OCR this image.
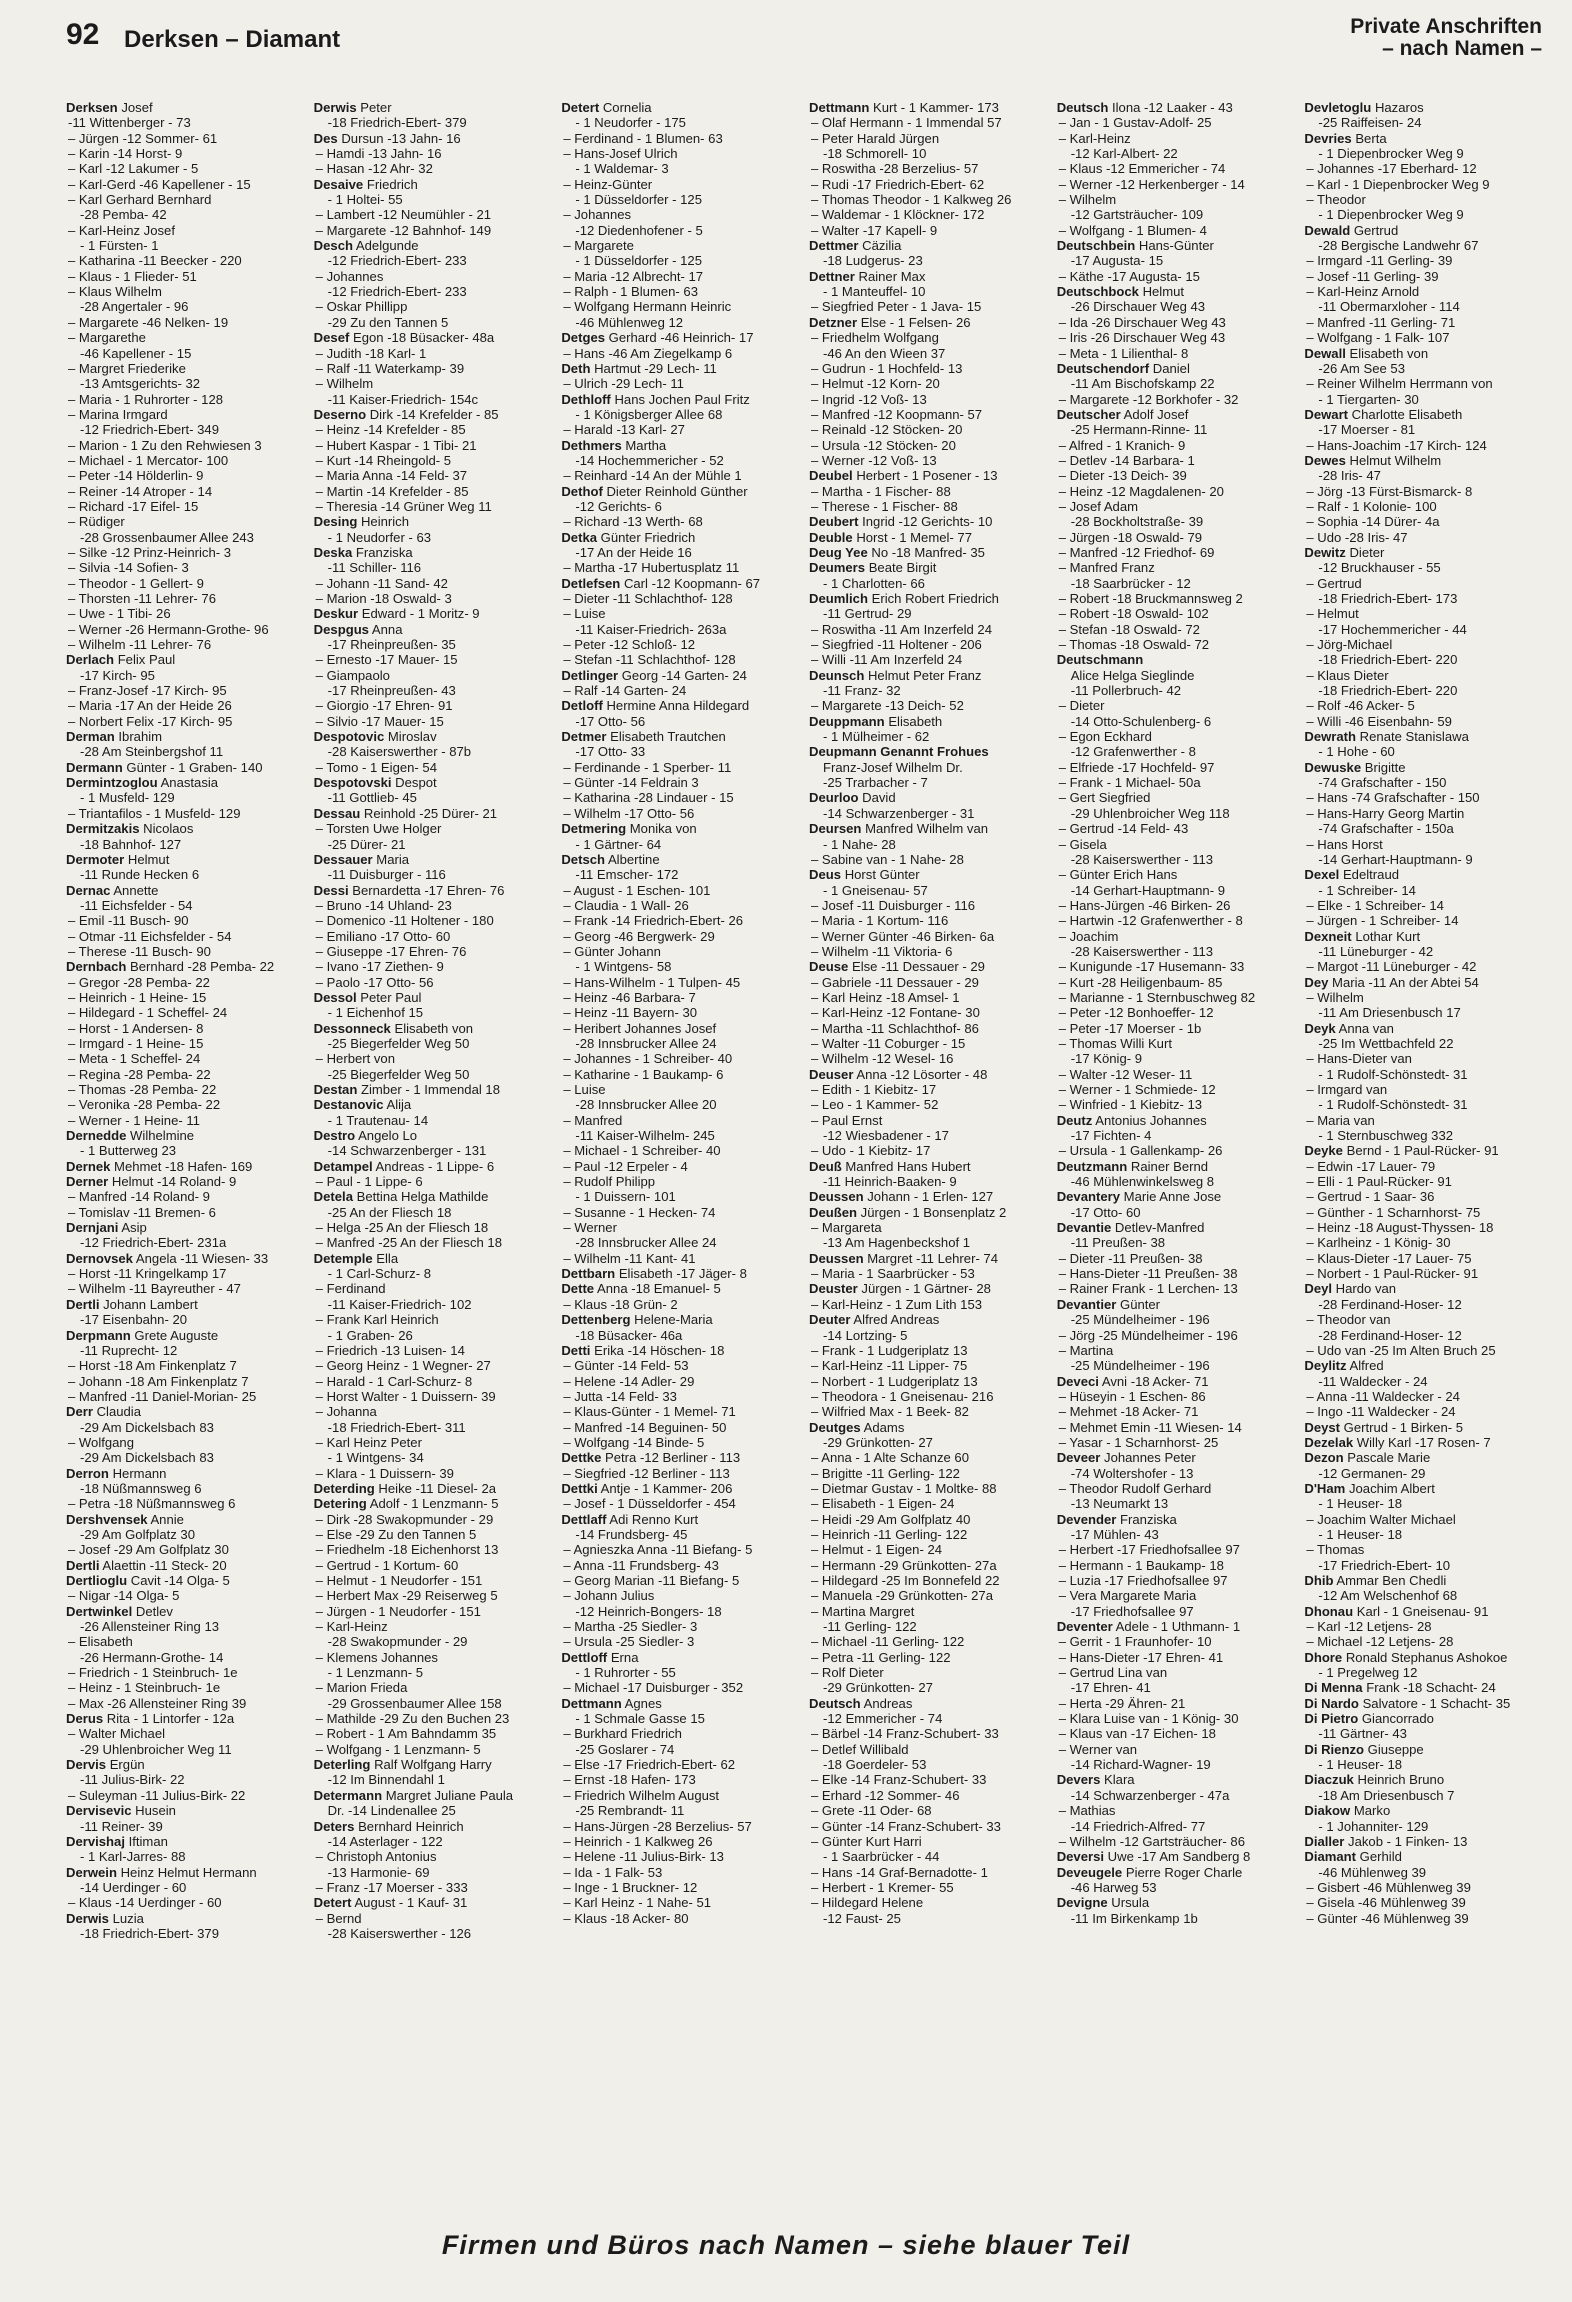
92 Derksen – Diamant	Private Anschriften
– nach Namen –
Derksen Josef
-11 Wittenberger - 73
– Jürgen -12 Sommer- 61
– Karin -14 Horst- 9
– Karl -12 Lakumer - 5
– Karl-Gerd -46 Kapellener - 15
– Karl Gerhard Bernhard
-28 Pemba- 42
– Karl-Heinz Josef
- 1 Fürsten- 1
– Katharina -11 Beecker - 220
– Klaus - 1 Flieder- 51
– Klaus Wilhelm
-28 Angertaler - 96
– Margarete -46 Nelken- 19
– Margarethe
-46 Kapellener - 15
– Margret Friederike
-13 Amtsgerichts- 32
– Maria - 1 Ruhrorter - 128
– Marina Irmgard
-12 Friedrich-Ebert- 349
– Marion - 1 Zu den Rehwiesen 3
– Michael - 1 Mercator- 100
– Peter -14 Hölderlin- 9
– Reiner -14 Atroper - 14
– Richard -17 Eifel- 15
– Rüdiger
-28 Grossenbaumer Allee 243
– Silke -12 Prinz-Heinrich- 3
– Silvia -14 Sofien- 3
– Theodor - 1 Gellert- 9
– Thorsten -11 Lehrer- 76
– Uwe - 1 Tibi- 26
– Werner -26 Hermann-Grothe- 96
– Wilhelm -11 Lehrer- 76
Derlach Felix Paul
-17 Kirch- 95
– Franz-Josef -17 Kirch- 95
– Maria -17 An der Heide 26
– Norbert Felix -17 Kirch- 95
Derman Ibrahim
-28 Am Steinbergshof 11
Dermann Günter - 1 Graben- 140
Dermintzoglou Anastasia
- 1 Musfeld- 129
– Triantafilos - 1 Musfeld- 129
Dermitzakis Nicolaos
-18 Bahnhof- 127
Dermoter Helmut
-11 Runde Hecken 6
Dernac Annette
-11 Eichsfelder - 54
– Emil -11 Busch- 90
– Otmar -11 Eichsfelder - 54
– Therese -11 Busch- 90
Dernbach Bernhard -28 Pemba- 22
– Gregor -28 Pemba- 22
– Heinrich - 1 Heine- 15
– Hildegard - 1 Scheffel- 24
– Horst - 1 Andersen- 8
– Irmgard - 1 Heine- 15
– Meta - 1 Scheffel- 24
– Regina -28 Pemba- 22
– Thomas -28 Pemba- 22
– Veronika -28 Pemba- 22
– Werner - 1 Heine- 11
Dernedde Wilhelmine
- 1 Butterweg 23
Dernek Mehmet -18 Hafen- 169
Derner Helmut -14 Roland- 9
– Manfred -14 Roland- 9
– Tomislav -11 Bremen- 6
Dernjani Asip
-12 Friedrich-Ebert- 231a
Dernovsek Angela -11 Wiesen- 33
– Horst -11 Kringelkamp 17
– Wilhelm -11 Bayreuther - 47
Dertli Johann Lambert
-17 Eisenbahn- 20
Derpmann Grete Auguste
-11 Ruprecht- 12
– Horst -18 Am Finkenplatz 7
– Johann -18 Am Finkenplatz 7
– Manfred -11 Daniel-Morian- 25
Derr Claudia
-29 Am Dickelsbach 83
– Wolfgang
-29 Am Dickelsbach 83
Derron Hermann
-18 Nüßmannsweg 6
– Petra -18 Nüßmannsweg 6
Dershvensek Annie
-29 Am Golfplatz 30
– Josef -29 Am Golfplatz 30
Dertli Alaettin -11 Steck- 20
Dertlioglu Cavit -14 Olga- 5
– Nigar -14 Olga- 5
Dertwinkel Detlev
-26 Allensteiner Ring 13
– Elisabeth
-26 Hermann-Grothe- 14
– Friedrich - 1 Steinbruch- 1e
– Heinz - 1 Steinbruch- 1e
– Max -26 Allensteiner Ring 39
Derus Rita - 1 Lintorfer - 12a
– Walter Michael
-29 Uhlenbroicher Weg 11
Dervis Ergün
-11 Julius-Birk- 22
– Suleyman -11 Julius-Birk- 22
Dervisevic Husein
-11 Reiner- 39
Dervishaj Iftiman
- 1 Karl-Jarres- 88
Derwein Heinz Helmut Hermann
-14 Uerdinger - 60
– Klaus -14 Uerdinger - 60
Derwis Luzia
-18 Friedrich-Ebert- 379
Derwis Peter
-18 Friedrich-Ebert- 379
Des Dursun -13 Jahn- 16
– Hamdi -13 Jahn- 16
– Hasan -12 Ahr- 32
Desaive Friedrich
- 1 Holtei- 55
– Lambert -12 Neumühler - 21
– Margarete -12 Bahnhof- 149
Desch Adelgunde
-12 Friedrich-Ebert- 233
– Johannes
-12 Friedrich-Ebert- 233
– Oskar Phillipp
-29 Zu den Tannen 5
Desef Egon -18 Büsacker- 48a
– Judith -18 Karl- 1
– Ralf -11 Waterkamp- 39
– Wilhelm
-11 Kaiser-Friedrich- 154c
Deserno Dirk -14 Krefelder - 85
– Heinz -14 Krefelder - 85
– Hubert Kaspar - 1 Tibi- 21
– Kurt -14 Rheingold- 5
– Maria Anna -14 Feld- 37
– Martin -14 Krefelder - 85
– Theresia -14 Grüner Weg 11
Desing Heinrich
- 1 Neudorfer - 63
Deska Franziska
-11 Schiller- 116
– Johann -11 Sand- 42
– Marion -18 Oswald- 3
Deskur Edward - 1 Moritz- 9
Despgus Anna
-17 Rheinpreußen- 35
– Ernesto -17 Mauer- 15
– Giampaolo
-17 Rheinpreußen- 43
– Giorgio -17 Ehren- 91
– Silvio -17 Mauer- 15
Despotovic Miroslav
-28 Kaiserswerther - 87b
– Tomo - 1 Eigen- 54
Despotovski Despot
-11 Gottlieb- 45
Dessau Reinhold -25 Dürer- 21
– Torsten Uwe Holger
-25 Dürer- 21
Dessauer Maria
-11 Duisburger - 116
Dessi Bernardetta -17 Ehren- 76
– Bruno -14 Uhland- 23
– Domenico -11 Holtener - 180
– Emiliano -17 Otto- 60
– Giuseppe -17 Ehren- 76
– Ivano -17 Ziethen- 9
– Paolo -17 Otto- 56
Dessol Peter Paul
- 1 Eichenhof 15
Dessonneck Elisabeth von
-25 Biegerfelder Weg 50
– Herbert von
-25 Biegerfelder Weg 50
Destan Zimber - 1 Immendal 18
Destanovic Alija
- 1 Trautenau- 14
Destro Angelo Lo
-14 Schwarzenberger - 131
Detampel Andreas - 1 Lippe- 6
– Paul - 1 Lippe- 6
Detela Bettina Helga Mathilde
-25 An der Fliesch 18
– Helga -25 An der Fliesch 18
– Manfred -25 An der Fliesch 18
Detemple Ella
- 1 Carl-Schurz- 8
– Ferdinand
-11 Kaiser-Friedrich- 102
– Frank Karl Heinrich
- 1 Graben- 26
– Friedrich -13 Luisen- 14
– Georg Heinz - 1 Wegner- 27
– Harald - 1 Carl-Schurz- 8
– Horst Walter - 1 Duissern- 39
– Johanna
-18 Friedrich-Ebert- 311
– Karl Heinz Peter
- 1 Wintgens- 34
– Klara - 1 Duissern- 39
Deterding Heike -11 Diesel- 2a
Detering Adolf - 1 Lenzmann- 5
– Dirk -28 Swakopmunder - 29
– Else -29 Zu den Tannen 5
– Friedhelm -18 Eichenhorst 13
– Gertrud - 1 Kortum- 60
– Helmut - 1 Neudorfer - 151
– Herbert Max -29 Reiserweg 5
– Jürgen - 1 Neudorfer - 151
– Karl-Heinz
-28 Swakopmunder - 29
– Klemens Johannes
- 1 Lenzmann- 5
– Marion Frieda
-29 Grossenbaumer Allee 158
– Mathilde -29 Zu den Buchen 23
– Robert - 1 Am Bahndamm 35
– Wolfgang - 1 Lenzmann- 5
Deterling Ralf Wolfgang Harry
-12 Im Binnendahl 1
Determann Margret Juliane Paula
Dr. -14 Lindenallee 25
Deters Bernhard Heinrich
-14 Asterlager - 122
– Christoph Antonius
-13 Harmonie- 69
– Franz -17 Moerser - 333
Detert August - 1 Kauf- 31
– Bernd
-28 Kaiserswerther - 126
Detert Cornelia
- 1 Neudorfer - 175
– Ferdinand - 1 Blumen- 63
– Hans-Josef Ulrich
- 1 Waldemar- 3
– Heinz-Günter
- 1 Düsseldorfer - 125
– Johannes
-12 Diedenhofener - 5
– Margarete
- 1 Düsseldorfer - 125
– Maria -12 Albrecht- 17
– Ralph - 1 Blumen- 63
– Wolfgang Hermann Heinric
-46 Mühlenweg 12
Detges Gerhard -46 Heinrich- 17
– Hans -46 Am Ziegelkamp 6
Deth Hartmut -29 Lech- 11
– Ulrich -29 Lech- 11
Dethloff Hans Jochen Paul Fritz
- 1 Königsberger Allee 68
– Harald -13 Karl- 27
Dethmers Martha
-14 Hochemmericher - 52
– Reinhard -14 An der Mühle 1
Dethof Dieter Reinhold Günther
-12 Gerichts- 6
– Richard -13 Werth- 68
Detka Günter Friedrich
-17 An der Heide 16
– Martha -17 Hubertusplatz 11
Detlefsen Carl -12 Koopmann- 67
– Dieter -11 Schlachthof- 128
– Luise
-11 Kaiser-Friedrich- 263a
– Peter -12 Schloß- 12
– Stefan -11 Schlachthof- 128
Detlinger Georg -14 Garten- 24
– Ralf -14 Garten- 24
Detloff Hermine Anna Hildegard
-17 Otto- 56
Detmer Elisabeth Trautchen
-17 Otto- 33
– Ferdinande - 1 Sperber- 11
– Günter -14 Feldrain 3
– Katharina -28 Lindauer - 15
– Wilhelm -17 Otto- 56
Detmering Monika von
- 1 Gärtner- 64
Detsch Albertine
-11 Emscher- 172
– August - 1 Eschen- 101
– Claudia - 1 Wall- 26
– Frank -14 Friedrich-Ebert- 26
– Georg -46 Bergwerk- 29
– Günter Johann
- 1 Wintgens- 58
– Hans-Wilhelm - 1 Tulpen- 45
– Heinz -46 Barbara- 7
– Heinz -11 Bayern- 30
– Heribert Johannes Josef
-28 Innsbrucker Allee 24
– Johannes - 1 Schreiber- 40
– Katharine - 1 Baukamp- 6
– Luise
-28 Innsbrucker Allee 20
– Manfred
-11 Kaiser-Wilhelm- 245
– Michael - 1 Schreiber- 40
– Paul -12 Erpeler - 4
– Rudolf Philipp
- 1 Duissern- 101
– Susanne - 1 Hecken- 74
– Werner
-28 Innsbrucker Allee 24
– Wilhelm -11 Kant- 41
Dettbarn Elisabeth -17 Jäger- 8
Dette Anna -18 Emanuel- 5
– Klaus -18 Grün- 2
Dettenberg Helene-Maria
-18 Büsacker- 46a
Detti Erika -14 Höschen- 18
– Günter -14 Feld- 53
– Helene -14 Adler- 29
– Jutta -14 Feld- 33
– Klaus-Günter - 1 Memel- 71
– Manfred -14 Beguinen- 50
– Wolfgang -14 Binde- 5
Dettke Petra -12 Berliner - 113
– Siegfried -12 Berliner - 113
Dettki Antje - 1 Kammer- 206
– Josef - 1 Düsseldorfer - 454
Dettlaff Adi Renno Kurt
-14 Frundsberg- 45
– Agnieszka Anna -11 Biefang- 5
– Anna -11 Frundsberg- 43
– Georg Marian -11 Biefang- 5
– Johann Julius
-12 Heinrich-Bongers- 18
– Martha -25 Siedler- 3
– Ursula -25 Siedler- 3
Dettloff Erna
- 1 Ruhrorter - 55
– Michael -17 Duisburger - 352
Dettmann Agnes
- 1 Schmale Gasse 15
– Burkhard Friedrich
-25 Goslarer - 74
– Else -17 Friedrich-Ebert- 62
– Ernst -18 Hafen- 173
– Friedrich Wilhelm August
-25 Rembrandt- 11
– Hans-Jürgen -28 Berzelius- 57
– Heinrich - 1 Kalkweg 26
– Helene -11 Julius-Birk- 13
– Ida - 1 Falk- 53
– Inge - 1 Bruckner- 12
– Karl Heinz - 1 Nahe- 51
– Klaus -18 Acker- 80
Dettmann Kurt - 1 Kammer- 173
– Olaf Hermann - 1 Immendal 57
– Peter Harald Jürgen
-18 Schmorell- 10
– Roswitha -28 Berzelius- 57
– Rudi -17 Friedrich-Ebert- 62
– Thomas Theodor - 1 Kalkweg 26
– Waldemar - 1 Klöckner- 172
– Walter -17 Kapell- 9
Dettmer Cäzilia
-18 Ludgerus- 23
Dettner Rainer Max
- 1 Manteuffel- 10
– Siegfried Peter - 1 Java- 15
Detzner Else - 1 Felsen- 26
– Friedhelm Wolfgang
-46 An den Wieen 37
– Gudrun - 1 Hochfeld- 13
– Helmut -12 Korn- 20
– Ingrid -12 Voß- 13
– Manfred -12 Koopmann- 57
– Reinald -12 Stöcken- 20
– Ursula -12 Stöcken- 20
– Werner -12 Voß- 13
Deubel Herbert - 1 Posener - 13
– Martha - 1 Fischer- 88
– Therese - 1 Fischer- 88
Deubert Ingrid -12 Gerichts- 10
Deuble Horst - 1 Memel- 77
Deug Yee No -18 Manfred- 35
Deumers Beate Birgit
- 1 Charlotten- 66
Deumlich Erich Robert Friedrich
-11 Gertrud- 29
– Roswitha -11 Am Inzerfeld 24
– Siegfried -11 Holtener - 206
– Willi -11 Am Inzerfeld 24
Deunsch Helmut Peter Franz
-11 Franz- 32
– Margarete -13 Deich- 52
Deuppmann Elisabeth
- 1 Mülheimer - 62
Deupmann Genannt Frohues
Franz-Josef Wilhelm Dr.
-25 Trarbacher - 7
Deurloo David
-14 Schwarzenberger - 31
Deursen Manfred Wilhelm van
- 1 Nahe- 28
– Sabine van - 1 Nahe- 28
Deus Horst Günter
- 1 Gneisenau- 57
– Josef -11 Duisburger - 116
– Maria - 1 Kortum- 116
– Werner Günter -46 Birken- 6a
– Wilhelm -11 Viktoria- 6
Deuse Else -11 Dessauer - 29
– Gabriele -11 Dessauer - 29
– Karl Heinz -18 Amsel- 1
– Karl-Heinz -12 Fontane- 30
– Martha -11 Schlachthof- 86
– Walter -11 Coburger - 15
– Wilhelm -12 Wesel- 16
Deuser Anna -12 Lösorter - 48
– Edith - 1 Kiebitz- 17
– Leo - 1 Kammer- 52
– Paul Ernst
-12 Wiesbadener - 17
– Udo - 1 Kiebitz- 17
Deuß Manfred Hans Hubert
-11 Heinrich-Baaken- 9
Deussen Johann - 1 Erlen- 127
Deußen Jürgen - 1 Bonsenplatz 2
– Margareta
-13 Am Hagenbeckshof 1
Deussen Margret -11 Lehrer- 74
– Maria - 1 Saarbrücker - 53
Deuster Jürgen - 1 Gärtner- 28
– Karl-Heinz - 1 Zum Lith 153
Deuter Alfred Andreas
-14 Lortzing- 5
– Frank - 1 Ludgeriplatz 13
– Karl-Heinz -11 Lipper- 75
– Norbert - 1 Ludgeriplatz 13
– Theodora - 1 Gneisenau- 216
– Wilfried Max - 1 Beek- 82
Deutges Adams
-29 Grünkotten- 27
– Anna - 1 Alte Schanze 60
– Brigitte -11 Gerling- 122
– Dietmar Gustav - 1 Moltke- 88
– Elisabeth - 1 Eigen- 24
– Heidi -29 Am Golfplatz 40
– Heinrich -11 Gerling- 122
– Helmut - 1 Eigen- 24
– Hermann -29 Grünkotten- 27a
– Hildegard -25 Im Bonnefeld 22
– Manuela -29 Grünkotten- 27a
– Martina Margret
-11 Gerling- 122
– Michael -11 Gerling- 122
– Petra -11 Gerling- 122
– Rolf Dieter
-29 Grünkotten- 27
Deutsch Andreas
-12 Emmericher - 74
– Bärbel -14 Franz-Schubert- 33
– Detlef Willibald
-18 Goerdeler- 53
– Elke -14 Franz-Schubert- 33
– Erhard -12 Sommer- 46
– Grete -11 Oder- 68
– Günter -14 Franz-Schubert- 33
– Günter Kurt Harri
- 1 Saarbrücker - 44
– Hans -14 Graf-Bernadotte- 1
– Herbert - 1 Kremer- 55
– Hildegard Helene
-12 Faust- 25
Deutsch Ilona -12 Laaker - 43
– Jan - 1 Gustav-Adolf- 25
– Karl-Heinz
-12 Karl-Albert- 22
– Klaus -12 Emmericher - 74
– Werner -12 Herkenberger - 14
– Wilhelm
-12 Gartsträucher- 109
– Wolfgang - 1 Blumen- 4
Deutschbein Hans-Günter
-17 Augusta- 15
– Käthe -17 Augusta- 15
Deutschbock Helmut
-26 Dirschauer Weg 43
– Ida -26 Dirschauer Weg 43
– Iris -26 Dirschauer Weg 43
– Meta - 1 Lilienthal- 8
Deutschendorf Daniel
-11 Am Bischofskamp 22
– Margarete -12 Borkhofer - 32
Deutscher Adolf Josef
-25 Hermann-Rinne- 11
– Alfred - 1 Kranich- 9
– Detlev -14 Barbara- 1
– Dieter -13 Deich- 39
– Heinz -12 Magdalenen- 20
– Josef Adam
-28 Bockholtstraße- 39
– Jürgen -18 Oswald- 79
– Manfred -12 Friedhof- 69
– Manfred Franz
-18 Saarbrücker - 12
– Robert -18 Bruckmannsweg 2
– Robert -18 Oswald- 102
– Stefan -18 Oswald- 72
– Thomas -18 Oswald- 72
Deutschmann
Alice Helga Sieglinde
-11 Pollerbruch- 42
– Dieter
-14 Otto-Schulenberg- 6
– Egon Eckhard
-12 Grafenwerther - 8
– Elfriede -17 Hochfeld- 97
– Frank - 1 Michael- 50a
– Gert Siegfried
-29 Uhlenbroicher Weg 118
– Gertrud -14 Feld- 43
– Gisela
-28 Kaiserswerther - 113
– Günter Erich Hans
-14 Gerhart-Hauptmann- 9
– Hans-Jürgen -46 Birken- 26
– Hartwin -12 Grafenwerther - 8
– Joachim
-28 Kaiserswerther - 113
– Kunigunde -17 Husemann- 33
– Kurt -28 Heiligenbaum- 85
– Marianne - 1 Sternbuschweg 82
– Peter -12 Bonhoeffer- 12
– Peter -17 Moerser - 1b
– Thomas Willi Kurt
-17 König- 9
– Walter -12 Weser- 11
– Werner - 1 Schmiede- 12
– Winfried - 1 Kiebitz- 13
Deutz Antonius Johannes
-17 Fichten- 4
– Ursula - 1 Gallenkamp- 26
Deutzmann Rainer Bernd
-46 Mühlenwinkelsweg 8
Devantery Marie Anne Jose
-17 Otto- 60
Devantie Detlev-Manfred
-11 Preußen- 38
– Dieter -11 Preußen- 38
– Hans-Dieter -11 Preußen- 38
– Rainer Frank - 1 Lerchen- 13
Devantier Günter
-25 Mündelheimer - 196
– Jörg -25 Mündelheimer - 196
– Martina
-25 Mündelheimer - 196
Deveci Avni -18 Acker- 71
– Hüseyin - 1 Eschen- 86
– Mehmet -18 Acker- 71
– Mehmet Emin -11 Wiesen- 14
– Yasar - 1 Scharnhorst- 25
Deveer Johannes Peter
-74 Woltershofer - 13
– Theodor Rudolf Gerhard
-13 Neumarkt 13
Devender Franziska
-17 Mühlen- 43
– Herbert -17 Friedhofsallee 97
– Hermann - 1 Baukamp- 18
– Luzia -17 Friedhofsallee 97
– Vera Margarete Maria
-17 Friedhofsallee 97
Deventer Adele - 1 Uthmann- 1
– Gerrit - 1 Fraunhofer- 10
– Hans-Dieter -17 Ehren- 41
– Gertrud Lina van
-17 Ehren- 41
– Herta -29 Ähren- 21
– Klara Luise van - 1 König- 30
– Klaus van -17 Eichen- 18
– Werner van
-14 Richard-Wagner- 19
Devers Klara
-14 Schwarzenberger - 47a
– Mathias
-14 Friedrich-Alfred- 77
– Wilhelm -12 Gartsträucher- 86
Deversi Uwe -17 Am Sandberg 8
Deveugele Pierre Roger Charle
-46 Harweg 53
Devigne Ursula
-11 Im Birkenkamp 1b
Devletoglu Hazaros
-25 Raiffeisen- 24
Devries Berta
- 1 Diepenbrocker Weg 9
– Johannes -17 Eberhard- 12
– Karl - 1 Diepenbrocker Weg 9
– Theodor
- 1 Diepenbrocker Weg 9
Dewald Gertrud
-28 Bergische Landwehr 67
– Irmgard -11 Gerling- 39
– Josef -11 Gerling- 39
– Karl-Heinz Arnold
-11 Obermarxloher - 114
– Manfred -11 Gerling- 71
– Wolfgang - 1 Falk- 107
Dewall Elisabeth von
-26 Am See 53
– Reiner Wilhelm Herrmann von
- 1 Tiergarten- 30
Dewart Charlotte Elisabeth
-17 Moerser - 81
– Hans-Joachim -17 Kirch- 124
Dewes Helmut Wilhelm
-28 Iris- 47
– Jörg -13 Fürst-Bismarck- 8
– Ralf - 1 Kolonie- 100
– Sophia -14 Dürer- 4a
– Udo -28 Iris- 47
Dewitz Dieter
-12 Bruckhauser - 55
– Gertrud
-18 Friedrich-Ebert- 173
– Helmut
-17 Hochemmericher - 44
– Jörg-Michael
-18 Friedrich-Ebert- 220
– Klaus Dieter
-18 Friedrich-Ebert- 220
– Rolf -46 Acker- 5
– Willi -46 Eisenbahn- 59
Dewrath Renate Stanislawa
- 1 Hohe - 60
Dewuske Brigitte
-74 Grafschafter - 150
– Hans -74 Grafschafter - 150
– Hans-Harry Georg Martin
-74 Grafschafter - 150a
– Hans Horst
-14 Gerhart-Hauptmann- 9
Dexel Edeltraud
- 1 Schreiber- 14
– Elke - 1 Schreiber- 14
– Jürgen - 1 Schreiber- 14
Dexneit Lothar Kurt
-11 Lüneburger - 42
– Margot -11 Lüneburger - 42
Dey Maria -11 An der Abtei 54
– Wilhelm
-11 Am Driesenbusch 17
Deyk Anna van
-25 Im Wettbachfeld 22
– Hans-Dieter van
- 1 Rudolf-Schönstedt- 31
– Irmgard van
- 1 Rudolf-Schönstedt- 31
– Maria van
- 1 Sternbuschweg 332
Deyke Bernd - 1 Paul-Rücker- 91
– Edwin -17 Lauer- 79
– Elli - 1 Paul-Rücker- 91
– Gertrud - 1 Saar- 36
– Günther - 1 Scharnhorst- 75
– Heinz -18 August-Thyssen- 18
– Karlheinz - 1 König- 30
– Klaus-Dieter -17 Lauer- 75
– Norbert - 1 Paul-Rücker- 91
Deyl Hardo van
-28 Ferdinand-Hoser- 12
– Theodor van
-28 Ferdinand-Hoser- 12
– Udo van -25 Im Alten Bruch 25
Deylitz Alfred
-11 Waldecker - 24
– Anna -11 Waldecker - 24
– Ingo -11 Waldecker - 24
Deyst Gertrud - 1 Birken- 5
Dezelak Willy Karl -17 Rosen- 7
Dezon Pascale Marie
-12 Germanen- 29
D'Ham Joachim Albert
- 1 Heuser- 18
– Joachim Walter Michael
- 1 Heuser- 18
– Thomas
-17 Friedrich-Ebert- 10
Dhib Ammar Ben Chedli
-12 Am Welschenhof 68
Dhonau Karl - 1 Gneisenau- 91
– Karl -12 Letjens- 28
– Michael -12 Letjens- 28
Dhore Ronald Stephanus Ashokoe
- 1 Pregelweg 12
Di Menna Frank -18 Schacht- 24
Di Nardo Salvatore - 1 Schacht- 35
Di Pietro Giancorrado
-11 Gärtner- 43
Di Rienzo Giuseppe
- 1 Heuser- 18
Diaczuk Heinrich Bruno
-18 Am Driesenbusch 7
Diakow Marko
- 1 Johanniter- 129
Dialler Jakob - 1 Finken- 13
Diamant Gerhild
-46 Mühlenweg 39
– Gisbert -46 Mühlenweg 39
– Gisela -46 Mühlenweg 39
– Günter -46 Mühlenweg 39
Firmen und Büros nach Namen – siehe blauer Teil
